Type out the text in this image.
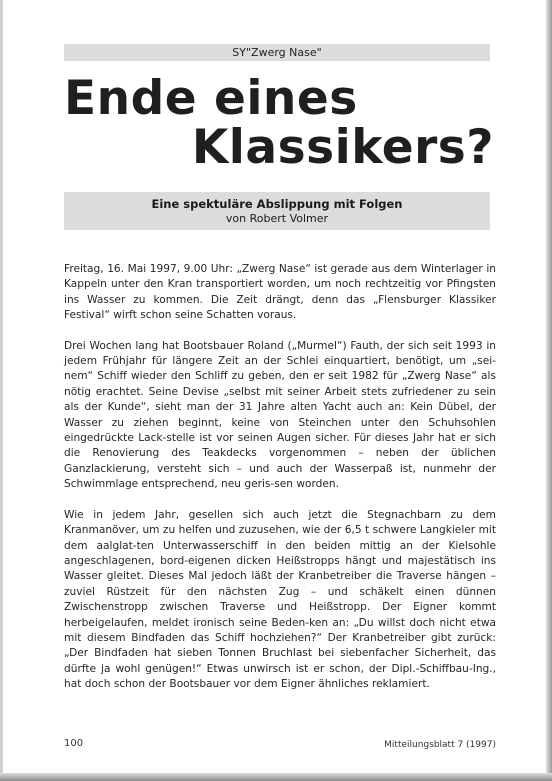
SY"Zwerg Nase"
Ende eines
Klassikers?
Eine spektuläre Abslippung mit Folgen
von Robert Volmer

Freitag, 16. Mai 1997, 9.00 Uhr: „Zwerg Nase“ ist gerade aus dem Winterlager in Kappeln unter den Kran transportiert worden, um noch rechtzeitig vor Pfingsten ins Wasser zu kommen. Die Zeit drängt, denn das „Flensburger Klassiker Festival“ wirft schon seine Schatten voraus.

Drei Wochen lang hat Bootsbauer Roland („Murmel“) Fauth, der sich seit 1993 in jedem Frühjahr für längere Zeit an der Schlei einquartiert, benötigt, um „sei-nem“ Schiff wieder den Schliff zu geben, den er seit 1982 für „Zwerg Nase“ als nötig erachtet. Seine Devise „selbst mit seiner Arbeit stets zufriedener zu sein als der Kunde“, sieht man der 31 Jahre alten Yacht auch an: Kein Dübel, der Wasser zu ziehen beginnt, keine von Steinchen unter den Schuhsohlen eingedrückte Lack-stelle ist vor seinen Augen sicher. Für dieses Jahr hat er sich die Renovierung des Teakdecks vorgenommen – neben der üblichen Ganzlackierung, versteht sich – und auch der Wasserpaß ist, nunmehr der Schwimmlage entsprechend, neu geris-sen worden.

Wie in jedem Jahr, gesellen sich auch jetzt die Stegnachbarn zu dem Kranmanöver, um zu helfen und zuzusehen, wie der 6,5 t schwere Langkieler mit dem aalglat-ten Unterwasserschiff in den beiden mittig an der Kielsohle angeschlagenen, bord-eigenen dicken Heißstropps hängt und majestätisch ins Wasser gleitet. Dieses Mal jedoch läßt der Kranbetreiber die Traverse hängen – zuviel Rüstzeit für den nächsten Zug – und schäkelt einen dünnen Zwischenstropp zwischen Traverse und Heißstropp. Der Eigner kommt herbeigelaufen, meldet ironisch seine Beden-ken an: „Du willst doch nicht etwa mit diesem Bindfaden das Schiff hochziehen?“ Der Kranbetreiber gibt zurück: „Der Bindfaden hat sieben Tonnen Bruchlast bei siebenfacher Sicherheit, das dürfte ja wohl genügen!“ Etwas unwirsch ist er schon, der Dipl.-Schiffbau-Ing., hat doch schon der Bootsbauer vor dem Eigner ähnliches reklamiert.

100	Mitteilungsblatt 7 (1997)
